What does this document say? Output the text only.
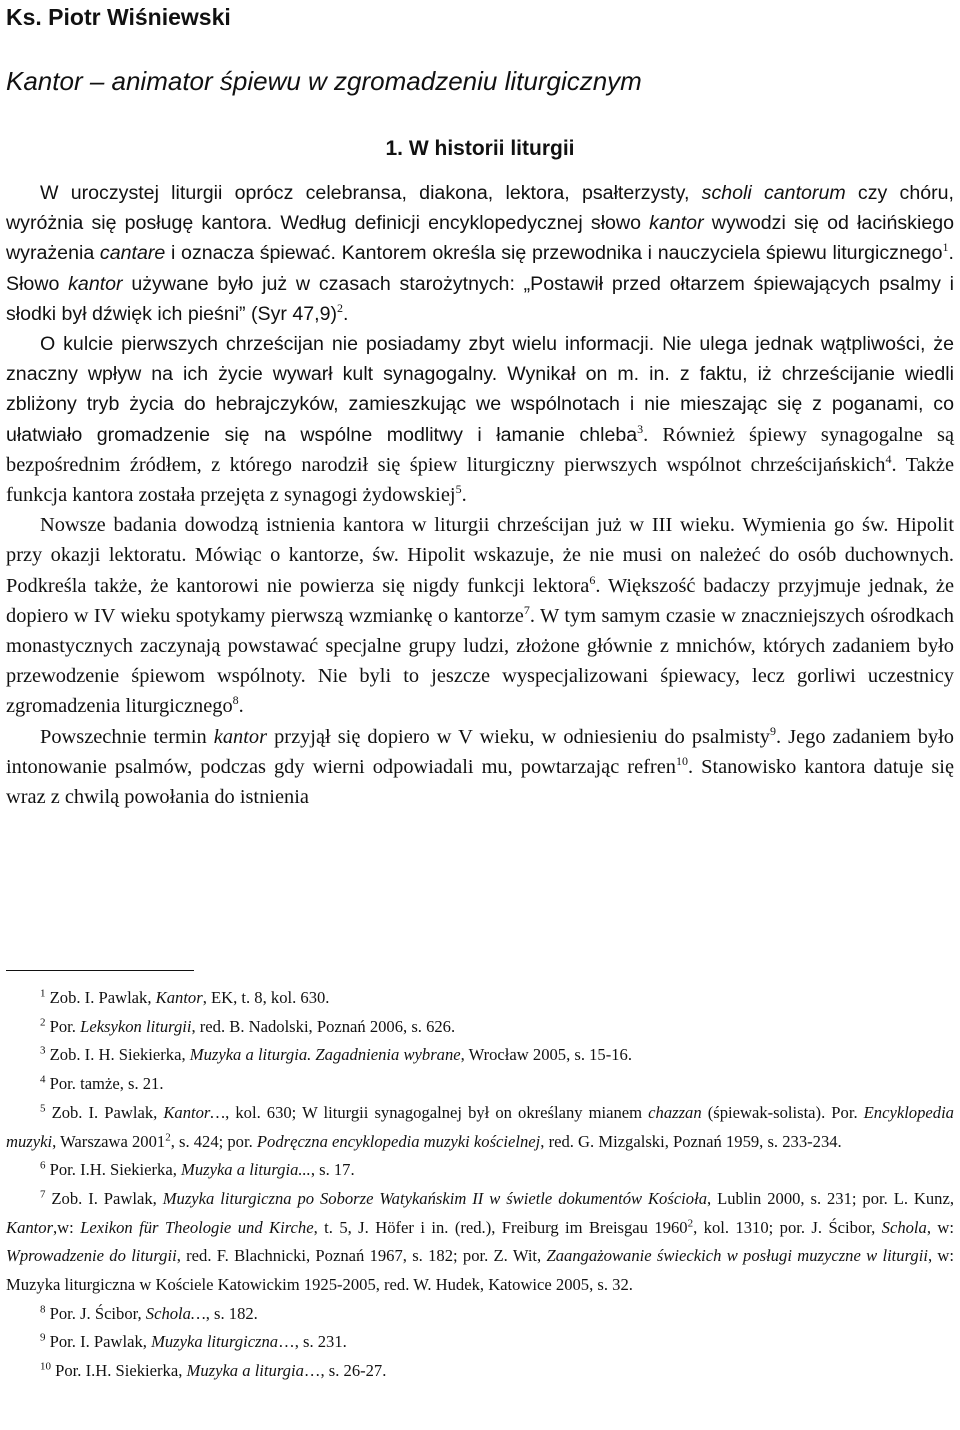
Ks. Piotr Wiśniewski
Kantor – animator śpiewu w zgromadzeniu liturgicznym
1. W historii liturgii

W uroczystej liturgii oprócz celebransa, diakona, lektora, psałterzysty, scholi cantorum czy chóru, wyróżnia się posługę kantora. Według definicji encyklopedycznej słowo kantor wywodzi się od łacińskiego wyrażenia cantare i oznacza śpiewać. Kantorem określa się przewodnika i nauczyciela śpiewu liturgicznego$^1$. Słowo kantor używane było już w czasach starożytnych: „Postawił przed ołtarzem śpiewających psalmy i słodki był dźwięk ich pieśni” (Syr 47,9)$^2$.

O kulcie pierwszych chrześcijan nie posiadamy zbyt wielu informacji. Nie ulega jednak wątpliwości, że znaczny wpływ na ich życie wywarł kult synagogalny. Wynikał on m. in. z faktu, iż chrześcijanie wiedli zbliżony tryb życia do hebrajczyków, zamieszkując we wspólnotach i nie mieszając się z poganami, co ułatwiało gromadzenie się na wspólne modlitwy i łamanie chleba$^3$. Również śpiewy synagogalne są bezpośrednim źródłem, z którego narodził się śpiew liturgiczny pierwszych wspólnot chrześcijańskich$^4$. Także funkcja kantora została przejęta z synagogi żydowskiej$^5$.

Nowsze badania dowodzą istnienia kantora w liturgii chrześcijan już w III wieku. Wymienia go św. Hipolit przy okazji lektoratu. Mówiąc o kantorze, św. Hipolit wskazuje, że nie musi on należeć do osób duchownych. Podkreśla także, że kantorowi nie powierza się nigdy funkcji lektora$^6$. Większość badaczy przyjmuje jednak, że dopiero w IV wieku spotykamy pierwszą wzmiankę o kantorze$^7$. W tym samym czasie w znaczniejszych ośrodkach monastycznych zaczynają powstawać specjalne grupy ludzi, złożone głównie z mnichów, których zadaniem było przewodzenie śpiewom wspólnoty. Nie byli to jeszcze wyspecjalizowani śpiewacy, lecz gorliwi uczestnicy zgromadzenia liturgicznego$^8$.

Powszechnie termin kantor przyjął się dopiero w V wieku, w odniesieniu do psalmisty$^9$. Jego zadaniem było intonowanie psalmów, podczas gdy wierni odpowiadali mu, powtarzając refren$^{10}$. Stanowisko kantora datuje się wraz z chwilą powołania do istnienia

$^1$ Zob. I. Pawlak, Kantor, EK, t. 8, kol. 630.

$^2$ Por. Leksykon liturgii, red. B. Nadolski, Poznań 2006, s. 626.

$^3$ Zob. I. H. Siekierka, Muzyka a liturgia. Zagadnienia wybrane, Wrocław 2005, s. 15-16.

$^4$ Por. tamże, s. 21.

$^5$ Zob. I. Pawlak, Kantor…, kol. 630; W liturgii synagogalnej był on określany mianem chazzan (śpiewak-solista). Por. Encyklopedia muzyki, Warszawa 2001$^2$, s. 424; por. Podręczna encyklopedia muzyki kościelnej, red. G. Mizgalski, Poznań 1959, s. 233-234.

$^6$ Por. I.H. Siekierka, Muzyka a liturgia..., s. 17.

$^7$ Zob. I. Pawlak, Muzyka liturgiczna po Soborze Watykańskim II w świetle dokumentów Kościoła, Lublin 2000, s. 231; por. L. Kunz, Kantor,w: Lexikon für Theologie und Kirche, t. 5, J. Höfer i in. (red.), Freiburg im Breisgau 1960$^2$, kol. 1310; por. J. Ścibor, Schola, w: Wprowadzenie do liturgii, red. F. Blachnicki, Poznań 1967, s. 182; por. Z. Wit, Zaangażowanie świeckich w posługi muzyczne w liturgii, w: Muzyka liturgiczna w Kościele Katowickim 1925-2005, red. W. Hudek, Katowice 2005, s. 32.

$^8$ Por. J. Ścibor, Schola…, s. 182.

$^9$ Por. I. Pawlak, Muzyka liturgiczna…, s. 231.

$^{10}$ Por. I.H. Siekierka, Muzyka a liturgia…, s. 26-27.
